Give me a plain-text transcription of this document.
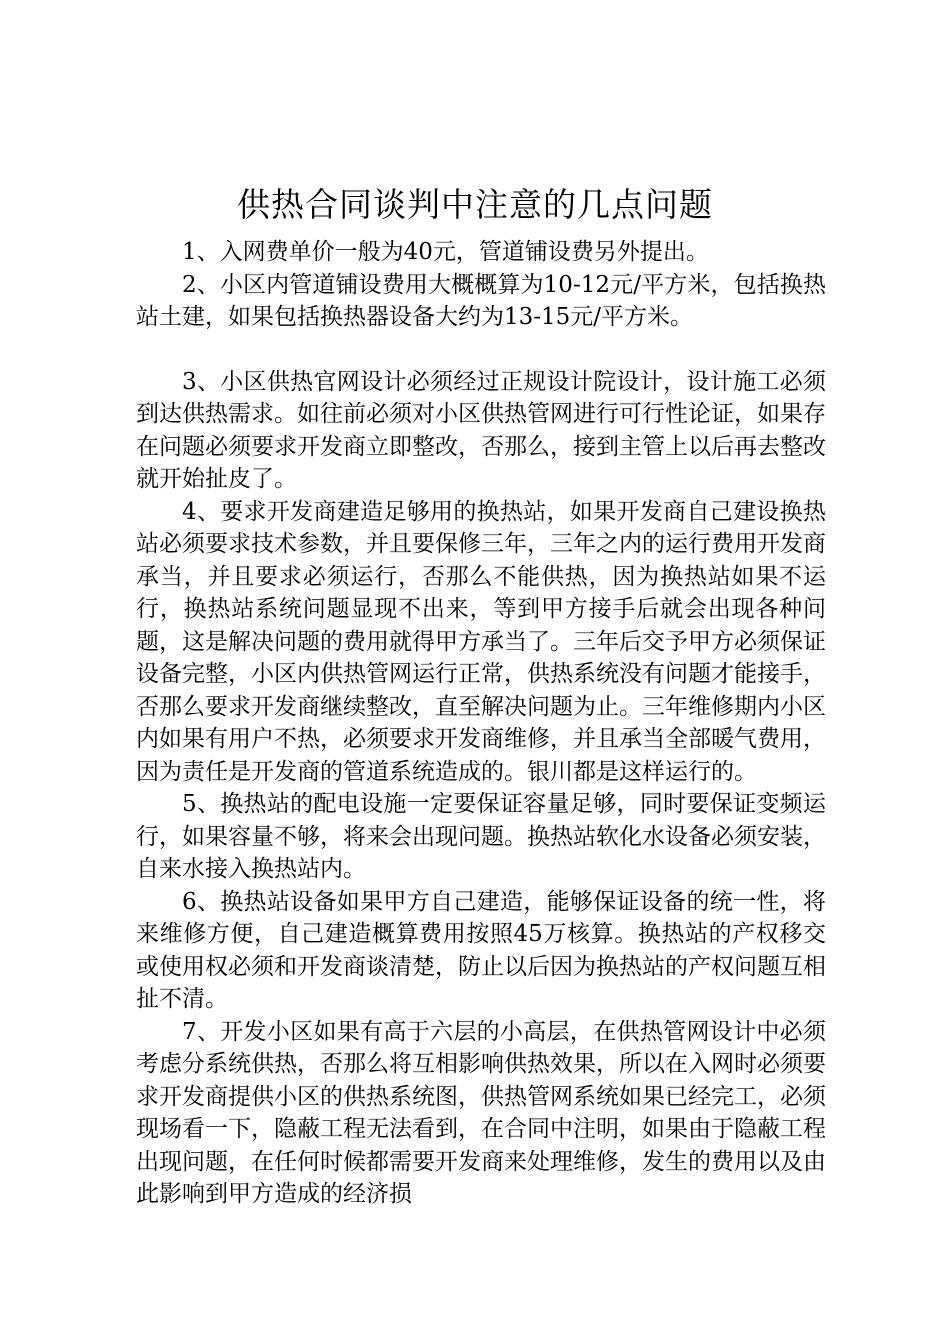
供热合同谈判中注意的几点问题

1、入网费单价一般为40元，管道铺设费另外提出。

2、小区内管道铺设费用大概概算为10-12元/平方米，包括换热站土建，如果包括换热器设备大约为13-15元/平方米。

3、小区供热官网设计必须经过正规设计院设计，设计施工必须到达供热需求。如往前必须对小区供热管网进行可行性论证，如果存在问题必须要求开发商立即整改，否那么，接到主管上以后再去整改就开始扯皮了。

4、要求开发商建造足够用的换热站，如果开发商自己建设换热站必须要求技术参数，并且要保修三年，三年之内的运行费用开发商承当，并且要求必须运行，否那么不能供热，因为换热站如果不运行，换热站系统问题显现不出来，等到甲方接手后就会出现各种问题，这是解决问题的费用就得甲方承当了。三年后交予甲方必须保证设备完整，小区内供热管网运行正常，供热系统没有问题才能接手，否那么要求开发商继续整改，直至解决问题为止。三年维修期内小区内如果有用户不热，必须要求开发商维修，并且承当全部暖气费用，因为责任是开发商的管道系统造成的。银川都是这样运行的。

5、换热站的配电设施一定要保证容量足够，同时要保证变频运行，如果容量不够，将来会出现问题。换热站软化水设备必须安装，自来水接入换热站内。

6、换热站设备如果甲方自己建造，能够保证设备的统一性，将来维修方便，自己建造概算费用按照45万核算。换热站的产权移交或使用权必须和开发商谈清楚，防止以后因为换热站的产权问题互相扯不清。

7、开发小区如果有高于六层的小高层，在供热管网设计中必须考虑分系统供热，否那么将互相影响供热效果，所以在入网时必须要求开发商提供小区的供热系统图，供热管网系统如果已经完工，必须现场看一下，隐蔽工程无法看到，在合同中注明，如果由于隐蔽工程出现问题，在任何时候都需要开发商来处理维修，发生的费用以及由此影响到甲方造成的经济损
